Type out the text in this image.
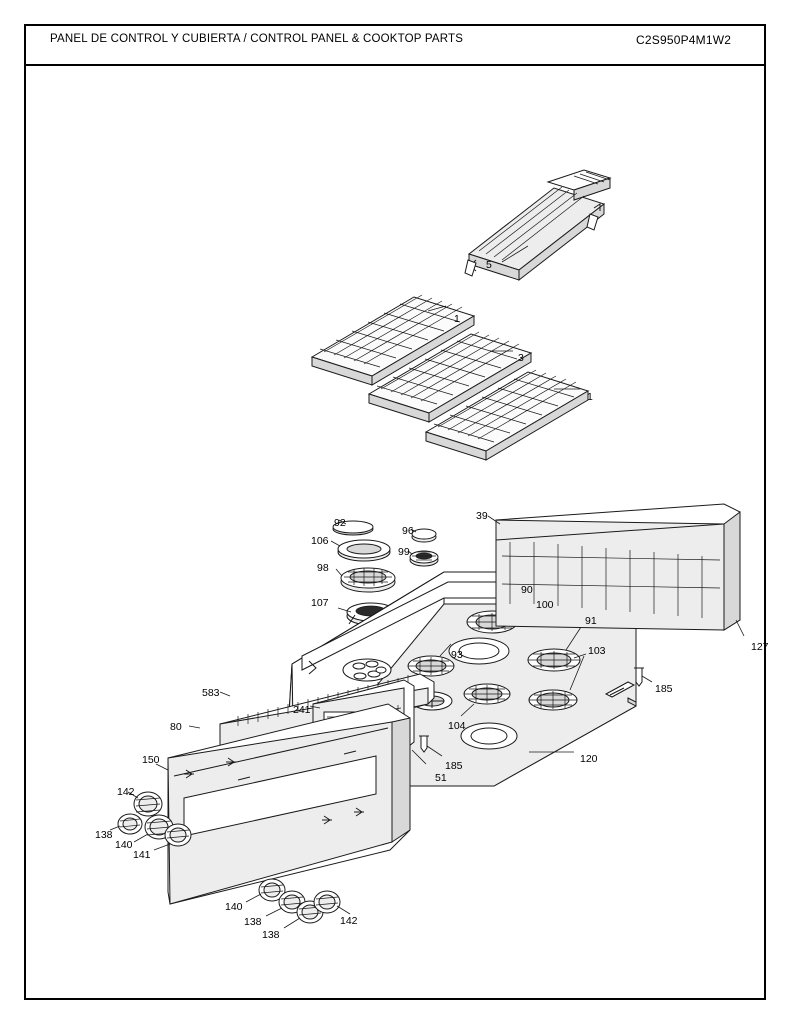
PANEL DE CONTROL Y CUBIERTA / CONTROL PANEL & COOKTOP PARTS	C2S950P4M1W2
5
1
3
1
92
96
39
106
99
98
90
100
107
91
103
93
127
185
583
241
104
80
185
51
120
150
142
138
140
141
140
138
138
142
